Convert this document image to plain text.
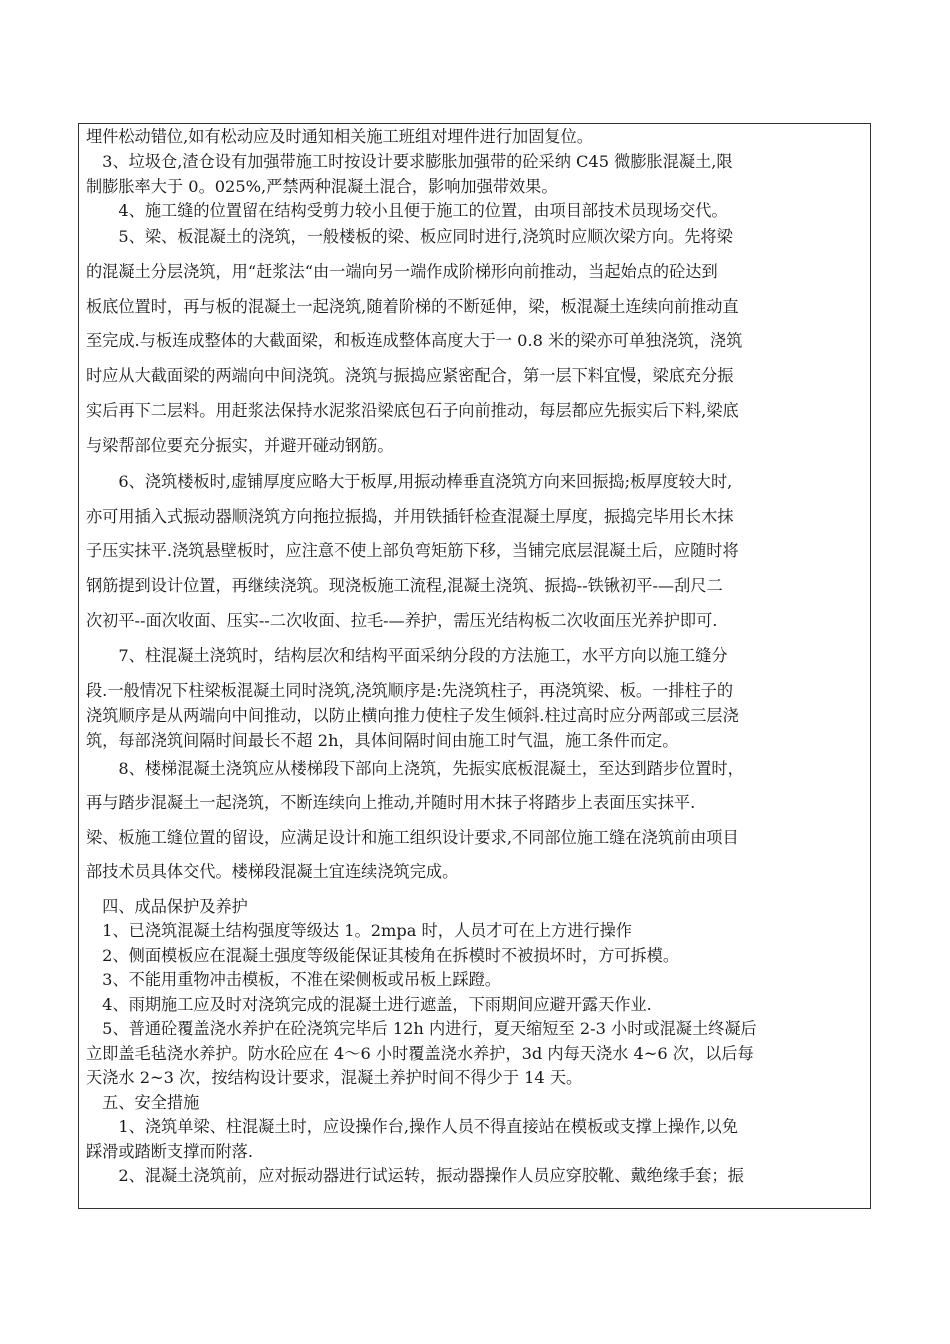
埋件松动错位,如有松动应及时通知相关施工班组对埋件进行加固复位。
　3、垃圾仓,渣仓设有加强带施工时按设计要求膨胀加强带的砼采纳 C45 微膨胀混凝土,限
制膨胀率大于 0。025%,严禁两种混凝土混合，影响加强带效果。
　　4、施工缝的位置留在结构受剪力较小且便于施工的位置，由项目部技术员现场交代。
　　5、梁、板混凝土的浇筑，一般楼板的梁、板应同时进行,浇筑时应顺次梁方向。先将梁
的混凝土分层浇筑，用“赶浆法“由一端向另一端作成阶梯形向前推动，当起始点的砼达到
板底位置时，再与板的混凝土一起浇筑,随着阶梯的不断延伸，梁，板混凝土连续向前推动直
至完成.与板连成整体的大截面梁，和板连成整体高度大于一 0.8 米的梁亦可单独浇筑，浇筑
时应从大截面梁的两端向中间浇筑。浇筑与振捣应紧密配合，第一层下料宜慢，梁底充分振
实后再下二层料。用赶浆法保持水泥浆沿梁底包石子向前推动，每层都应先振实后下料,梁底
与梁帮部位要充分振实，并避开碰动钢筋。
　　6、浇筑楼板时,虚铺厚度应略大于板厚,用振动棒垂直浇筑方向来回振捣;板厚度较大时,
亦可用插入式振动器顺浇筑方向拖拉振捣，并用铁插钎检查混凝土厚度，振捣完毕用长木抹
子压实抹平.浇筑悬壁板时，应注意不使上部负弯矩筋下移，当铺完底层混凝土后，应随时将
钢筋提到设计位置，再继续浇筑。现浇板施工流程,混凝土浇筑、振捣--铁锹初平-—刮尺二
次初平--面次收面、压实--二次收面、拉毛-—养护，需压光结构板二次收面压光养护即可.
　　7、柱混凝土浇筑时，结构层次和结构平面采纳分段的方法施工，水平方向以施工缝分
段.一般情况下柱梁板混凝土同时浇筑,浇筑顺序是:先浇筑柱子，再浇筑梁、板。一排柱子的
浇筑顺序是从两端向中间推动，以防止横向推力使柱子发生倾斜.柱过高时应分两部或三层浇
筑，每部浇筑间隔时间最长不超 2h，具体间隔时间由施工时气温，施工条件而定。
　　8、楼梯混凝土浇筑应从楼梯段下部向上浇筑，先振实底板混凝土，至达到踏步位置时，
再与踏步混凝土一起浇筑，不断连续向上推动,并随时用木抹子将踏步上表面压实抹平.
梁、板施工缝位置的留设，应满足设计和施工组织设计要求,不同部位施工缝在浇筑前由项目
部技术员具体交代。楼梯段混凝土宜连续浇筑完成。
　四、成品保护及养护
　1、已浇筑混凝土结构强度等级达 1。2mpa 时，人员才可在上方进行操作
　2、侧面模板应在混凝土强度等级能保证其棱角在拆模时不被损坏时，方可拆模。
　3、不能用重物冲击模板，不准在梁侧板或吊板上踩蹬。
　4、雨期施工应及时对浇筑完成的混凝土进行遮盖，下雨期间应避开露天作业.
　5、普通砼覆盖浇水养护在砼浇筑完毕后 12h 内进行，夏天缩短至 2-3 小时或混凝土终凝后
立即盖毛毡浇水养护。防水砼应在 4～6 小时覆盖浇水养护，3d 内每天浇水 4~6 次，以后每
天浇水 2~3 次，按结构设计要求，混凝土养护时间不得少于 14 天。
　五、安全措施
　　1、浇筑单梁、柱混凝土时，应设操作台,操作人员不得直接站在模板或支撑上操作,以免
踩滑或踏断支撑而附落.
　　2、混凝土浇筑前，应对振动器进行试运转，振动器操作人员应穿胶靴、戴绝缘手套；振
